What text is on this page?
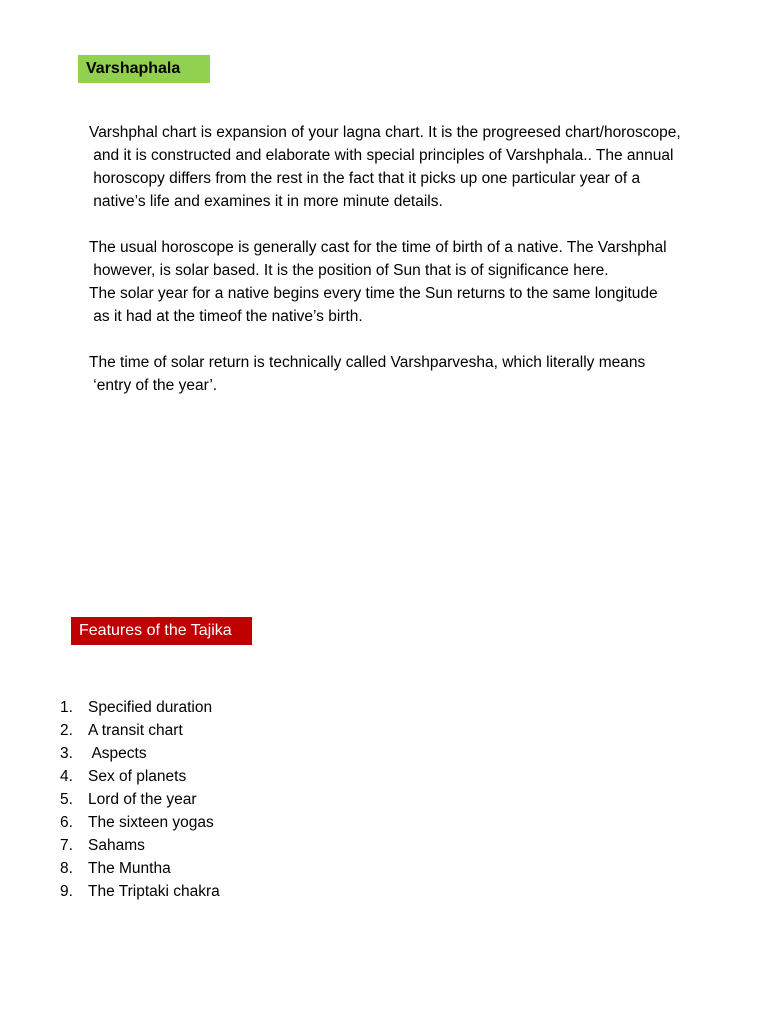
Varshaphala

Varshphal chart is expansion of your lagna chart. It is the progreesed chart/horoscope,
and it is constructed and elaborate with special principles of Varshphala.. The annual
horoscopy differs from the rest in the fact that it picks up one particular year of a
native’s life and examines it in more minute details.

The usual horoscope is generally cast for the time of birth of a native. The Varshphal
however, is solar based. It is the position of Sun that is of significance here.
The solar year for a native begins every time the Sun returns to the same longitude
as it had at the timeof the native’s birth.

The time of solar return is technically called Varshparvesha, which literally means
‘entry of the year’.

Features of the Tajika
1. Specified duration
2. A transit chart
3. Aspects
4. Sex of planets
5. Lord of the year
6. The sixteen yogas
7. Sahams
8. The Muntha
9. The Triptaki chakra
